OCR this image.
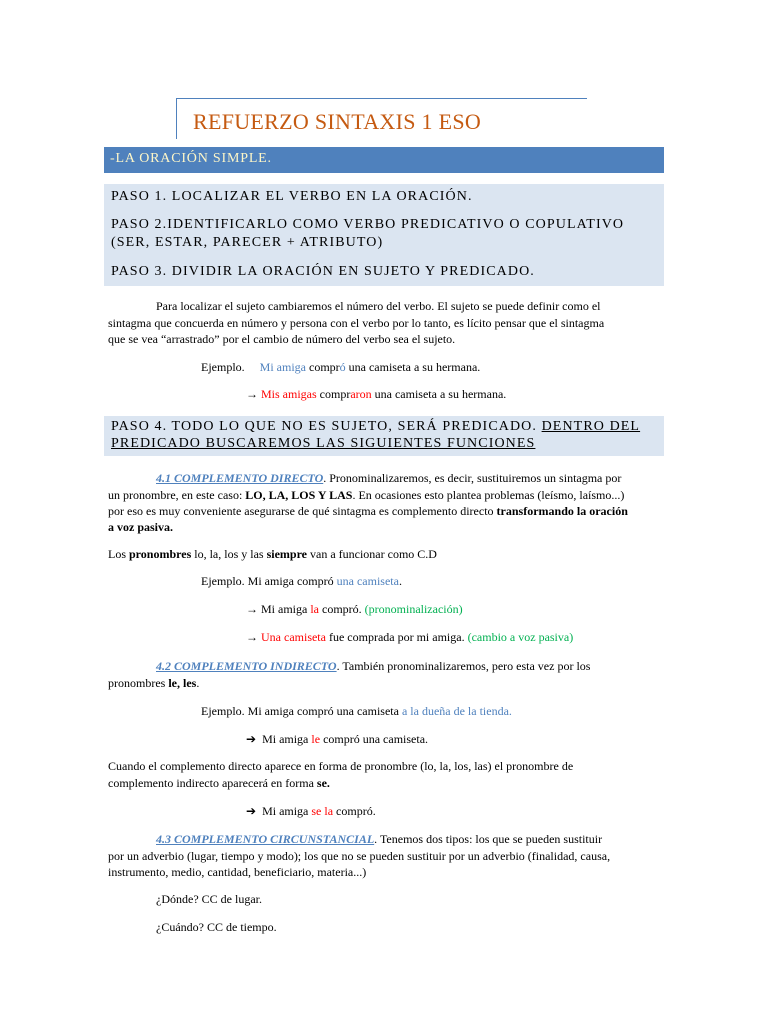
REFUERZO SINTAXIS 1 ESO
-LA ORACIÓN SIMPLE.
PASO 1. LOCALIZAR EL VERBO EN LA ORACIÓN.
PASO 2.IDENTIFICARLO COMO VERBO PREDICATIVO O COPULATIVO
(SER, ESTAR, PARECER + ATRIBUTO)
PASO 3. DIVIDIR LA ORACIÓN EN SUJETO Y PREDICADO.
Para localizar el sujeto cambiaremos el número del verbo. El sujeto se puede definir como el
sintagma que concuerda en número y persona con el verbo por lo tanto, es lícito pensar que el sintagma
que se vea “arrastrado” por el cambio de número del verbo sea el sujeto.
Ejemplo. Mi amiga compró una camiseta a su hermana.
→ Mis amigas compraron una camiseta a su hermana.
PASO 4. TODO LO QUE NO ES SUJETO, SERÁ PREDICADO. DENTRO DEL
PREDICADO BUSCAREMOS LAS SIGUIENTES FUNCIONES
4.1 COMPLEMENTO DIRECTO. Pronominalizaremos, es decir, sustituiremos un sintagma por
un pronombre, en este caso: LO, LA, LOS Y LAS. En ocasiones esto plantea problemas (leísmo, laísmo...)
por eso es muy conveniente asegurarse de qué sintagma es complemento directo transformando la oración
a voz pasiva.
Los pronombres lo, la, los y las siempre van a funcionar como C.D
Ejemplo. Mi amiga compró una camiseta.
→ Mi amiga la compró. (pronominalización)
→ Una camiseta fue comprada por mi amiga. (cambio a voz pasiva)
4.2 COMPLEMENTO INDIRECTO. También pronominalizaremos, pero esta vez por los
pronombres le, les.
Ejemplo. Mi amiga compró una camiseta a la dueña de la tienda.
➔ Mi amiga le compró una camiseta.
Cuando el complemento directo aparece en forma de pronombre (lo, la, los, las) el pronombre de
complemento indirecto aparecerá en forma se.
➔ Mi amiga se la compró.
4.3 COMPLEMENTO CIRCUNSTANCIAL. Tenemos dos tipos: los que se pueden sustituir
por un adverbio (lugar, tiempo y modo); los que no se pueden sustituir por un adverbio (finalidad, causa,
instrumento, medio, cantidad, beneficiario, materia...)
¿Dónde? CC de lugar.
¿Cuándo? CC de tiempo.
